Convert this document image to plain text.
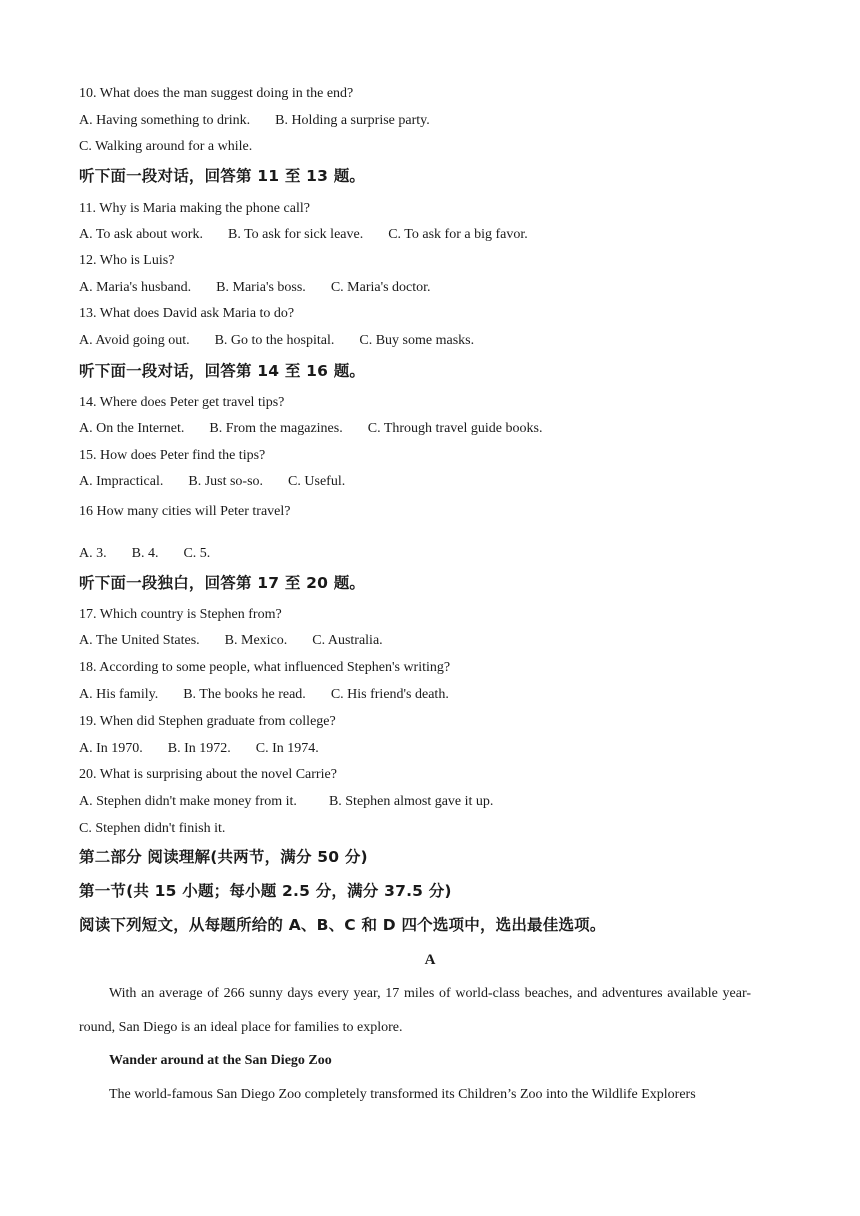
10. What does the man suggest doing in the end?
A. Having something to drink. B. Holding a surprise party.
C. Walking around for a while.
听下面一段对话，回答第 11 至 13 题。
11. Why is Maria making the phone call?
A. To ask about work. B. To ask for sick leave. C. To ask for a big favor.
12. Who is Luis?
A. Maria's husband. B. Maria's boss. C. Maria's doctor.
13. What does David ask Maria to do?
A. Avoid going out. B. Go to the hospital. C. Buy some masks.
听下面一段对话，回答第 14 至 16 题。
14. Where does Peter get travel tips?
A. On the Internet. B. From the magazines. C. Through travel guide books.
15. How does Peter find the tips?
A. Impractical. B. Just so-so. C. Useful.
16 How many cities will Peter travel?
A. 3. B. 4. C. 5.
听下面一段独白，回答第 17 至 20 题。
17. Which country is Stephen from?
A. The United States. B. Mexico. C. Australia.
18. According to some people, what influenced Stephen's writing?
A. His family. B. The books he read. C. His friend's death.
19. When did Stephen graduate from college?
A. In 1970. B. In 1972. C. In 1974.
20. What is surprising about the novel Carrie?
A. Stephen didn't make money from it. B. Stephen almost gave it up.
C. Stephen didn't finish it.
第二部分 阅读理解(共两节，满分 50 分)
第一节(共 15 小题；每小题 2.5 分，满分 37.5 分)
阅读下列短文，从每题所给的 A、B、C 和 D 四个选项中，选出最佳选项。
A
With an average of 266 sunny days every year, 17 miles of world-class beaches, and adventures available year-round, San Diego is an ideal place for families to explore.
Wander around at the San Diego Zoo
The world-famous San Diego Zoo completely transformed its Children’s Zoo into the Wildlife Explorers
